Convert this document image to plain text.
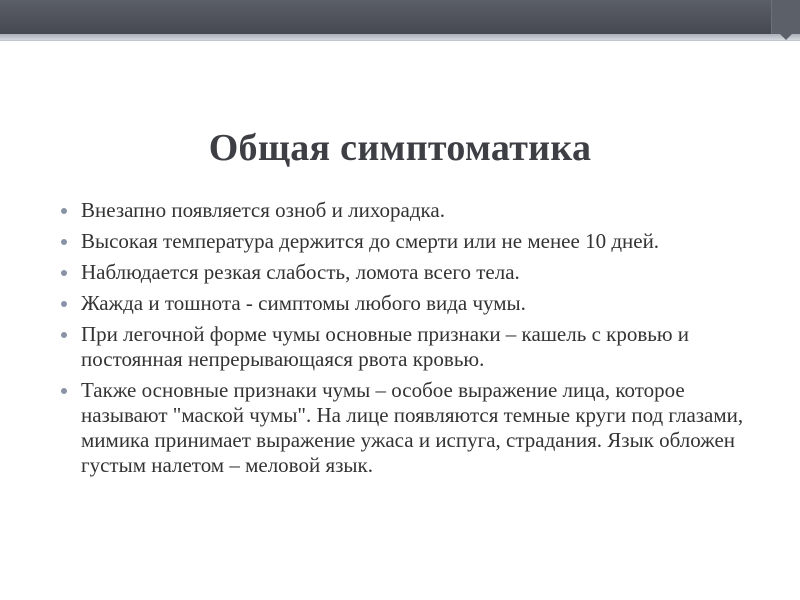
Общая симптоматика
Внезапно появляется озноб и лихорадка.
Высокая температура держится до смерти или не менее 10 дней.
Наблюдается резкая слабость, ломота всего тела.
Жажда и тошнота - симптомы любого вида чумы.
При легочной форме чумы основные признаки – кашель с кровью и постоянная непрерывающаяся рвота кровью.
Также основные признаки чумы – особое выражение лица, которое называют "маской чумы". На лице появляются темные круги под глазами, мимика принимает выражение ужаса и испуга, страдания. Язык обложен густым налетом – меловой язык.
